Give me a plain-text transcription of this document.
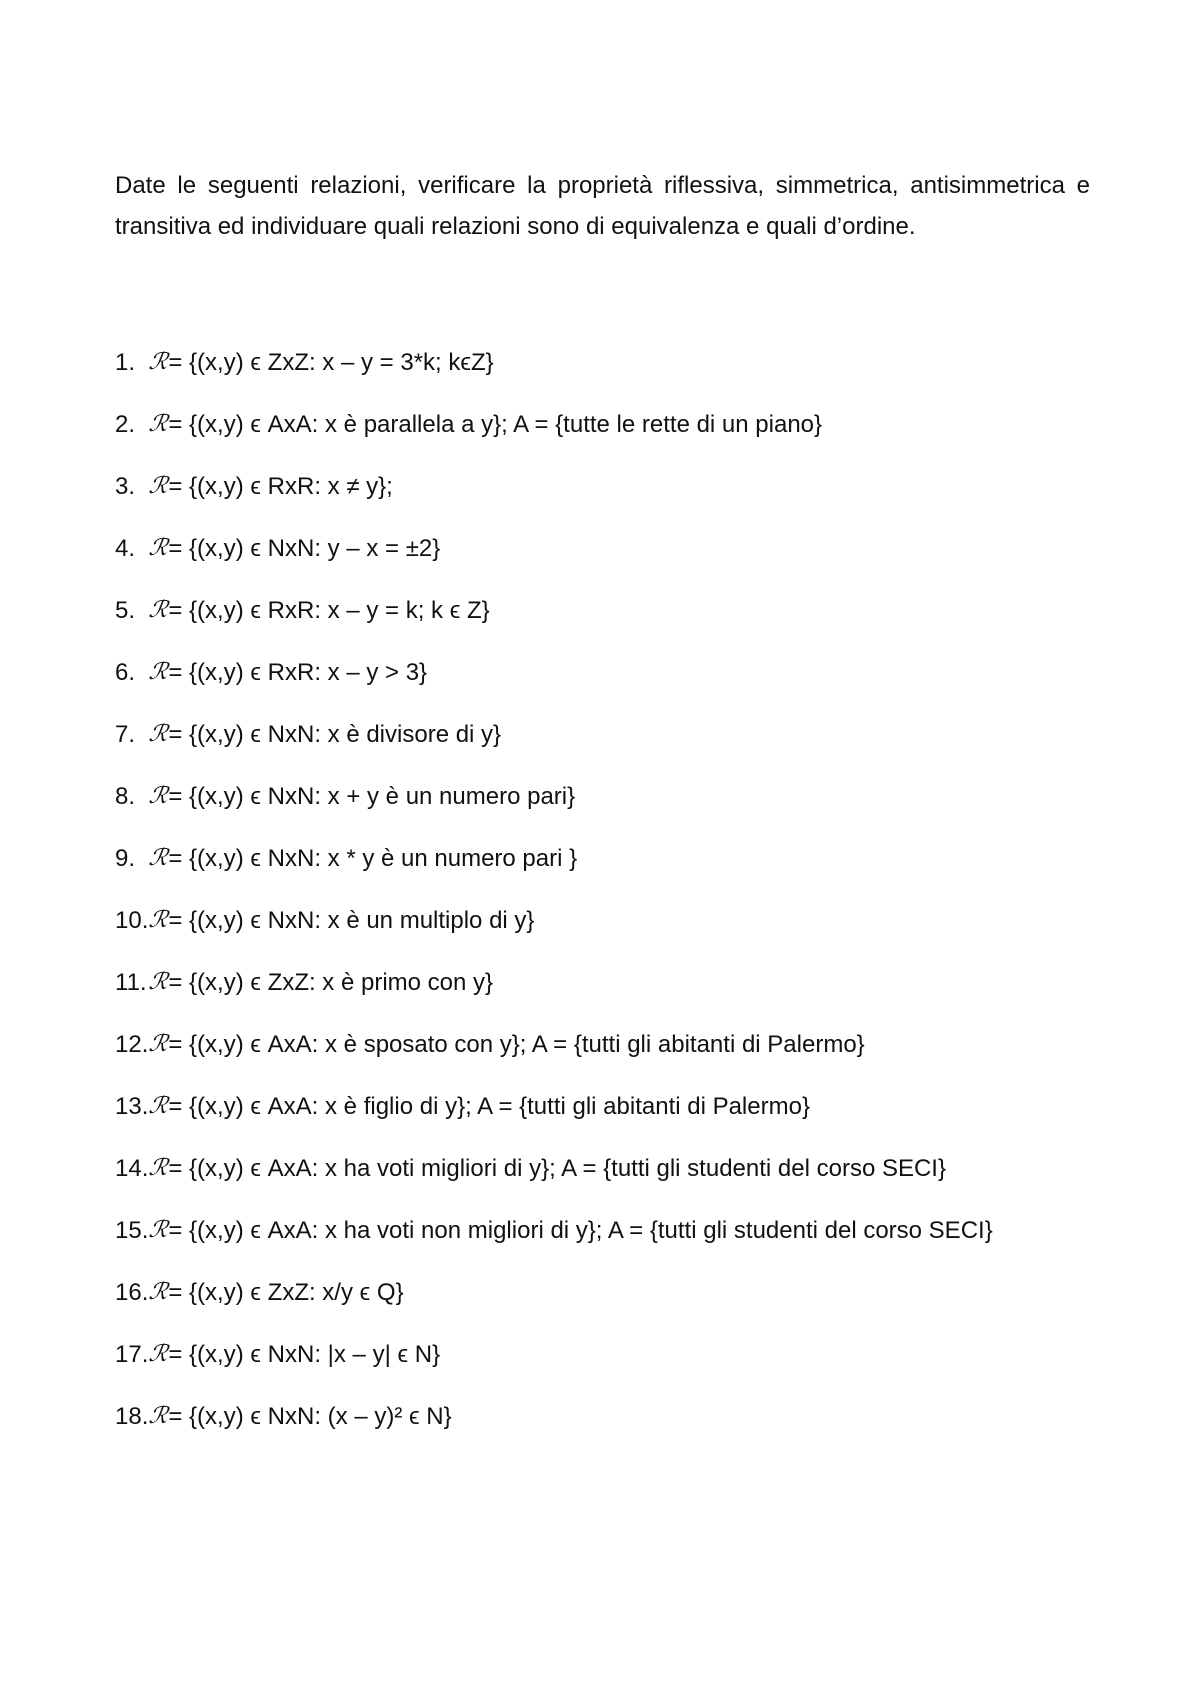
Date le seguenti relazioni, verificare la proprietà riflessiva, simmetrica, antisimmetrica e transitiva ed individuare quali relazioni sono di equivalenza e quali d’ordine.

1. ℛ = {(x,y) ϵ ZxZ: x – y = 3*k; kϵZ}
2. ℛ = {(x,y) ϵ AxA: x è parallela a y}; A = {tutte le rette di un piano}
3. ℛ = {(x,y) ϵ RxR: x ≠ y};
4. ℛ = {(x,y) ϵ NxN: y – x = ±2}
5. ℛ = {(x,y) ϵ RxR: x – y = k; k ϵ Z}
6. ℛ = {(x,y) ϵ RxR: x – y > 3}
7. ℛ = {(x,y) ϵ NxN: x è divisore di y}
8. ℛ = {(x,y) ϵ NxN: x + y è un numero pari}
9. ℛ = {(x,y) ϵ NxN: x * y è un numero pari }
10.
ℛ = {(x,y) ϵ NxN: x è un multiplo di y}
11. ℛ = {(x,y) ϵ ZxZ: x è primo con y}
12.
ℛ = {(x,y) ϵ AxA: x è sposato con y}; A = {tutti gli abitanti di Palermo}
13.
ℛ = {(x,y) ϵ AxA: x è figlio di y}; A = {tutti gli abitanti di Palermo}
14.
ℛ = {(x,y) ϵ AxA: x ha voti migliori di y}; A = {tutti gli studenti del corso SECI}
15.
ℛ = {(x,y) ϵ AxA: x ha voti non migliori di y}; A = {tutti gli studenti del corso SECI}
16.
ℛ = {(x,y) ϵ ZxZ: x/y ϵ Q}
17.
ℛ = {(x,y) ϵ NxN: |x – y| ϵ N}
18.
ℛ = {(x,y) ϵ NxN: (x – y)² ϵ N}
